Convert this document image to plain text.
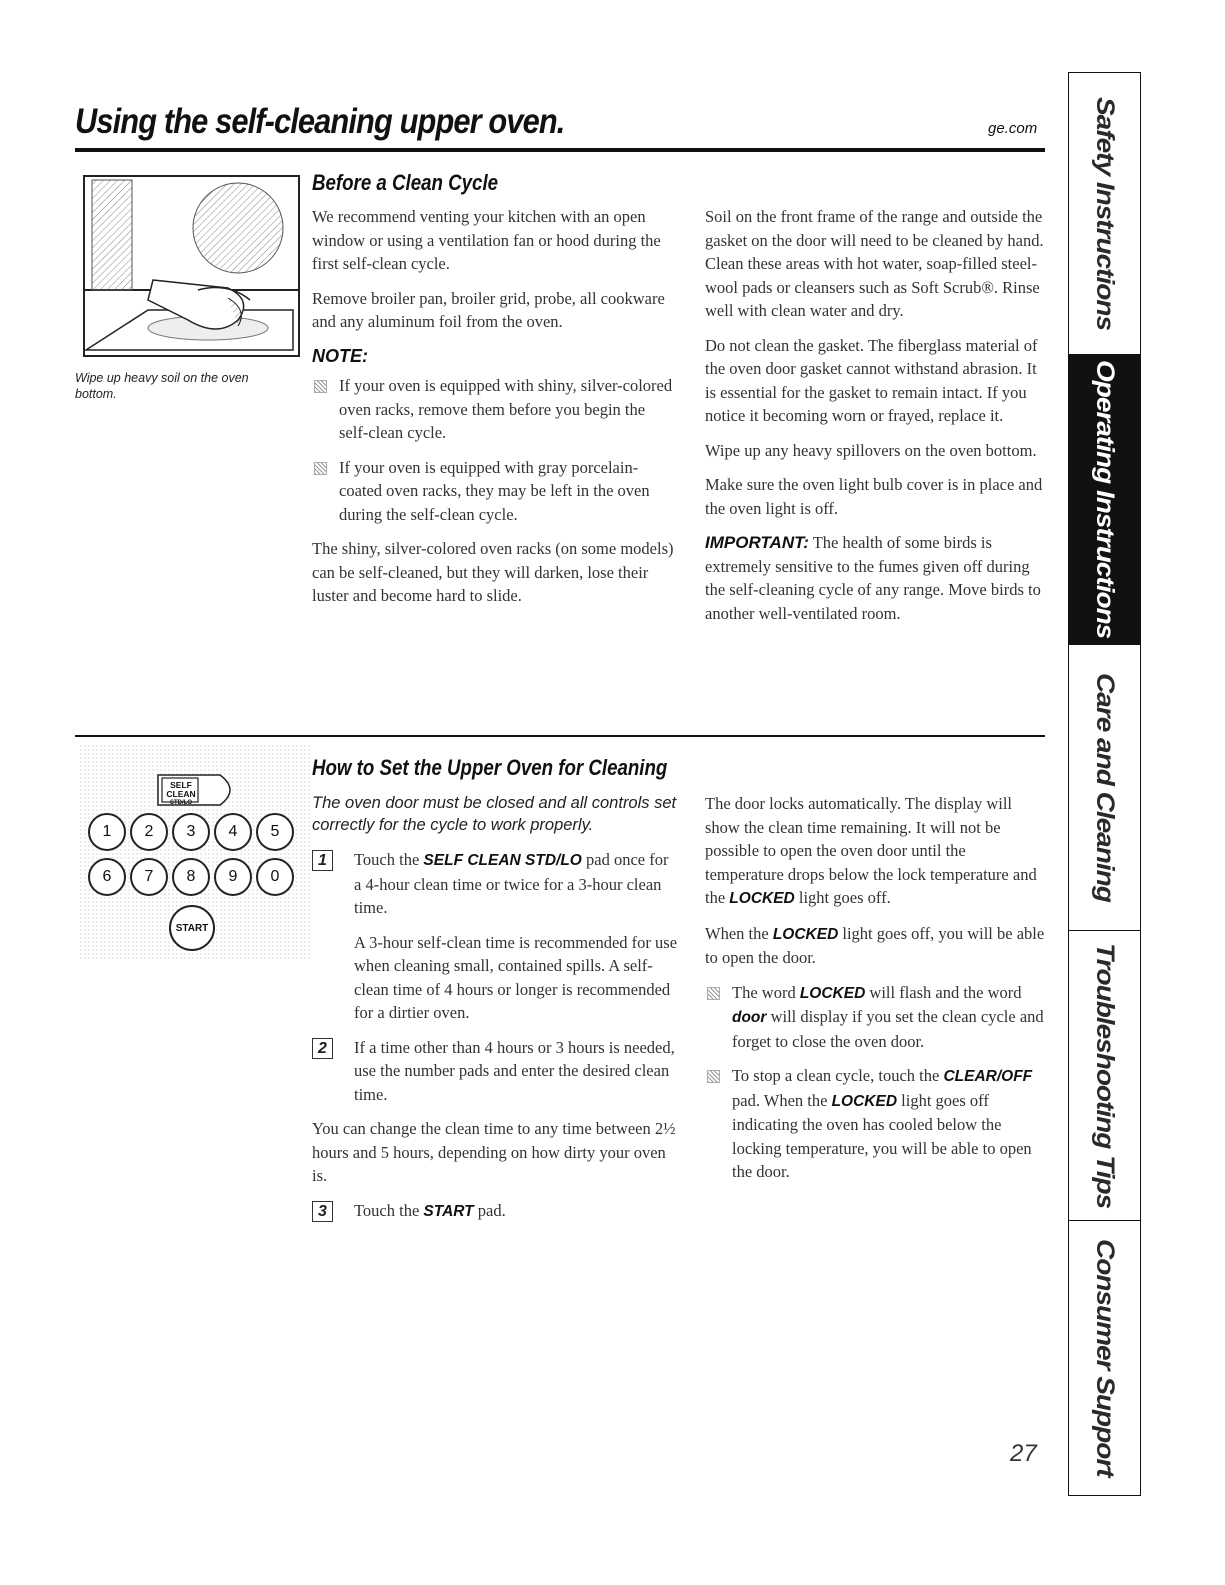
Using the self-cleaning upper oven.	ge.com
Wipe up heavy soil on the oven bottom.
Before a Clean Cycle

We recommend venting your kitchen with an open window or using a ventilation fan or hood during the first self-clean cycle.

Remove broiler pan, broiler grid, probe, all cookware and any aluminum foil from the oven.

NOTE:
If your oven is equipped with shiny, silver-colored oven racks, remove them before you begin the self-clean cycle.
If your oven is equipped with gray porcelain-coated oven racks, they may be left in the oven during the self-clean cycle.

The shiny, silver-colored oven racks (on some models) can be self-cleaned, but they will darken, lose their luster and become hard to slide.

Soil on the front frame of the range and outside the gasket on the door will need to be cleaned by hand. Clean these areas with hot water, soap-filled steel-wool pads or cleansers such as Soft Scrub®. Rinse well with clean water and dry.

Do not clean the gasket. The fiberglass material of the oven door gasket cannot withstand abrasion. It is essential for the gasket to remain intact. If you notice it becoming worn or frayed, replace it.

Wipe up any heavy spillovers on the oven bottom.

Make sure the oven light bulb cover is in place and the oven light is off.

IMPORTANT: The health of some birds is extremely sensitive to the fumes given off during the self-cleaning cycle of any range. Move birds to another well-ventilated room.

SELF
CLEAN
STD/LO
1	2	3	4	5
6	7	8	9	0
START
How to Set the Upper Oven for Cleaning

The oven door must be closed and all controls set correctly for the cycle to work properly.

1	Touch the SELF CLEAN STD/LO pad once for a 4-hour clean time or twice for a 3-hour clean time.

A 3-hour self-clean time is recommended for use when cleaning small, contained spills. A self-clean time of 4 hours or longer is recommended for a dirtier oven.

2	If a time other than 4 hours or 3 hours is needed, use the number pads and enter the desired clean time.

You can change the clean time to any time between 2½ hours and 5 hours, depending on how dirty your oven is.

3	Touch the START pad.

The door locks automatically. The display will show the clean time remaining. It will not be possible to open the oven door until the temperature drops below the lock temperature and the LOCKED light goes off.

When the LOCKED light goes off, you will be able to open the door.

The word LOCKED will flash and the word door will display if you set the clean cycle and forget to close the oven door.
To stop a clean cycle, touch the CLEAR/OFF pad. When the LOCKED light goes off indicating the oven has cooled below the locking temperature, you will be able to open the door.
Safety Instructions
Operating Instructions
Care and Cleaning
Troubleshooting Tips
Consumer Support
27
